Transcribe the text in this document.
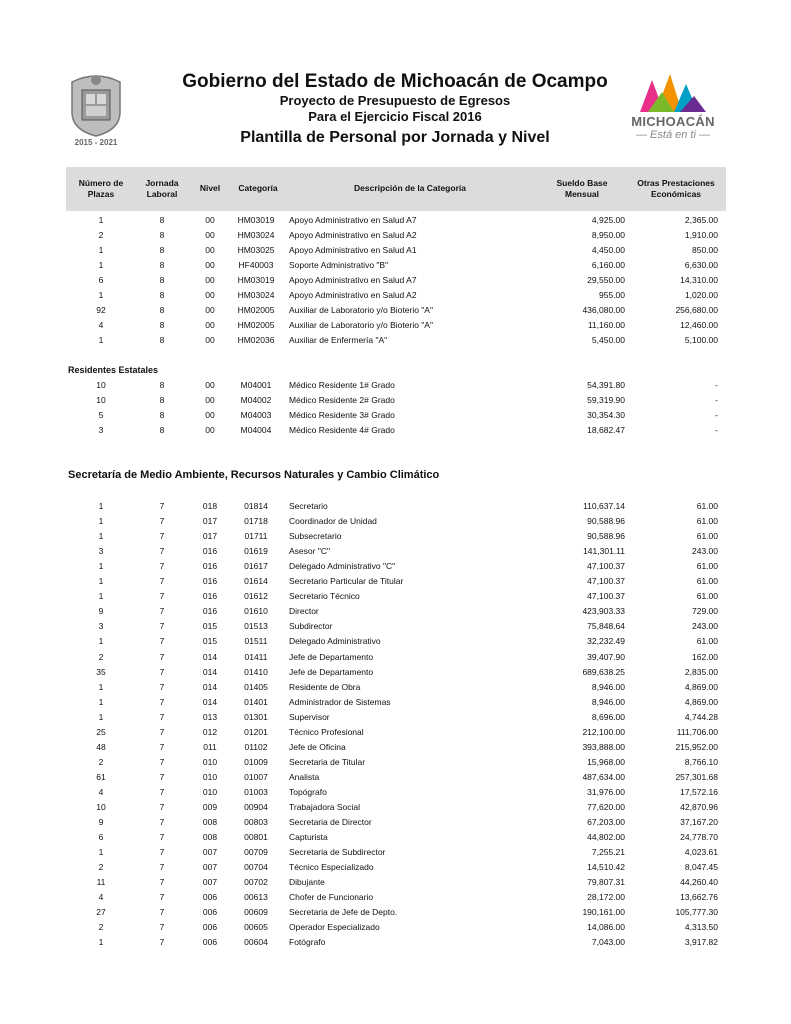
2015 - 2021
Gobierno del Estado de Michoacán de Ocampo
Proyecto de Presupuesto de Egresos
Para el Ejercicio Fiscal 2016
Plantilla de Personal por Jornada y Nivel
MICHOACÁN
— Está en ti —
Número de
Plazas
Jornada
Laboral
Nivel	Categoría	Descripción de la Categoría	Sueldo Base
Mensual
Otras Prestaciones
Económicas
Residentes Estatales
Secretaría de Medio Ambiente, Recursos Naturales y Cambio Climático
1	8	00	HM03019	Apoyo Administrativo en Salud A7	4,925.00	2,365.00
2	8	00	HM03024	Apoyo Administrativo en Salud A2	8,950.00	1,910.00
1	8	00	HM03025	Apoyo Administrativo en Salud A1	4,450.00	850.00
1	8	00	HF40003	Soporte Administrativo "B"	6,160.00	6,630.00
6	8	00	HM03019	Apoyo Administrativo en Salud A7	29,550.00	14,310.00
1	8	00	HM03024	Apoyo Administrativo en Salud A2	955.00	1,020.00
92	8	00	HM02005	Auxiliar de Laboratorio y/o Bioterio "A"	436,080.00	256,680.00
4	8	00	HM02005	Auxiliar de Laboratorio y/o Bioterio "A"	11,160.00	12,460.00
1	8	00	HM02036	Auxiliar de Enfermería "A"	5,450.00	5,100.00
10	8	00	M04001	Médico Residente 1# Grado	54,391.80	-
10	8	00	M04002	Médico Residente 2# Grado	59,319.90	-
5	8	00	M04003	Médico Residente 3# Grado	30,354.30	-
3	8	00	M04004	Médico Residente 4# Grado	18,682.47	-
1	7	018	01814	Secretario	110,637.14	61.00
1	7	017	01718	Coordinador de Unidad	90,588.96	61.00
1	7	017	01711	Subsecretario	90,588.96	61.00
3	7	016	01619	Asesor "C"	141,301.11	243.00
1	7	016	01617	Delegado Administrativo "C"	47,100.37	61.00
1	7	016	01614	Secretario Particular de Titular	47,100.37	61.00
1	7	016	01612	Secretario Técnico	47,100.37	61.00
9	7	016	01610	Director	423,903.33	729.00
3	7	015	01513	Subdirector	75,848.64	243.00
1	7	015	01511	Delegado Administrativo	32,232.49	61.00
2	7	014	01411	Jefe de Departamento	39,407.90	162.00
35	7	014	01410	Jefe de Departamento	689,638.25	2,835.00
1	7	014	01405	Residente de Obra	8,946.00	4,869.00
1	7	014	01401	Administrador de Sistemas	8,946.00	4,869.00
1	7	013	01301	Supervisor	8,696.00	4,744.28
25	7	012	01201	Técnico Profesional	212,100.00	111,706.00
48	7	011	01102	Jefe de Oficina	393,888.00	215,952.00
2	7	010	01009	Secretaria de Titular	15,968.00	8,766.10
61	7	010	01007	Analista	487,634.00	257,301.68
4	7	010	01003	Topógrafo	31,976.00	17,572.16
10	7	009	00904	Trabajadora Social	77,620.00	42,870.96
9	7	008	00803	Secretaria de Director	67,203.00	37,167.20
6	7	008	00801	Capturista	44,802.00	24,778.70
1	7	007	00709	Secretaria de Subdirector	7,255.21	4,023.61
2	7	007	00704	Técnico Especializado	14,510.42	8,047.45
11	7	007	00702	Dibujante	79,807.31	44,260.40
4	7	006	00613	Chofer de Funcionario	28,172.00	13,662.76
27	7	006	00609	Secretaria de Jefe de Depto.	190,161.00	105,777.30
2	7	006	00605	Operador Especializado	14,086.00	4,313.50
1	7	006	00604	Fotógrafo	7,043.00	3,917.82
